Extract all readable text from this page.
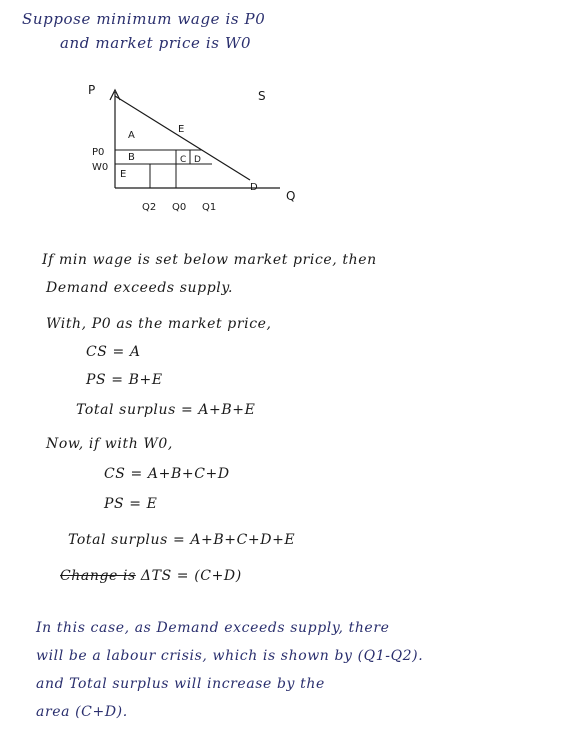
Suppose minimum wage is P0
and market price is W0
P	S
D
Q
P0
W0
A
B	C D
E
E
Q2 Q0 Q1
If min wage is set below market price, then
Demand exceeds supply.
With, P0 as the market price,
CS = A
PS = B+E
Total surplus = A+B+E
Now, if with W0,
CS = A+B+C+D
PS = E
Total surplus = A+B+C+D+E
Change is ΔTS = (C+D)
In this case, as Demand exceeds supply, there
will be a labour crisis, which is shown by (Q1-Q2).
and Total surplus will increase by the
area (C+D).
